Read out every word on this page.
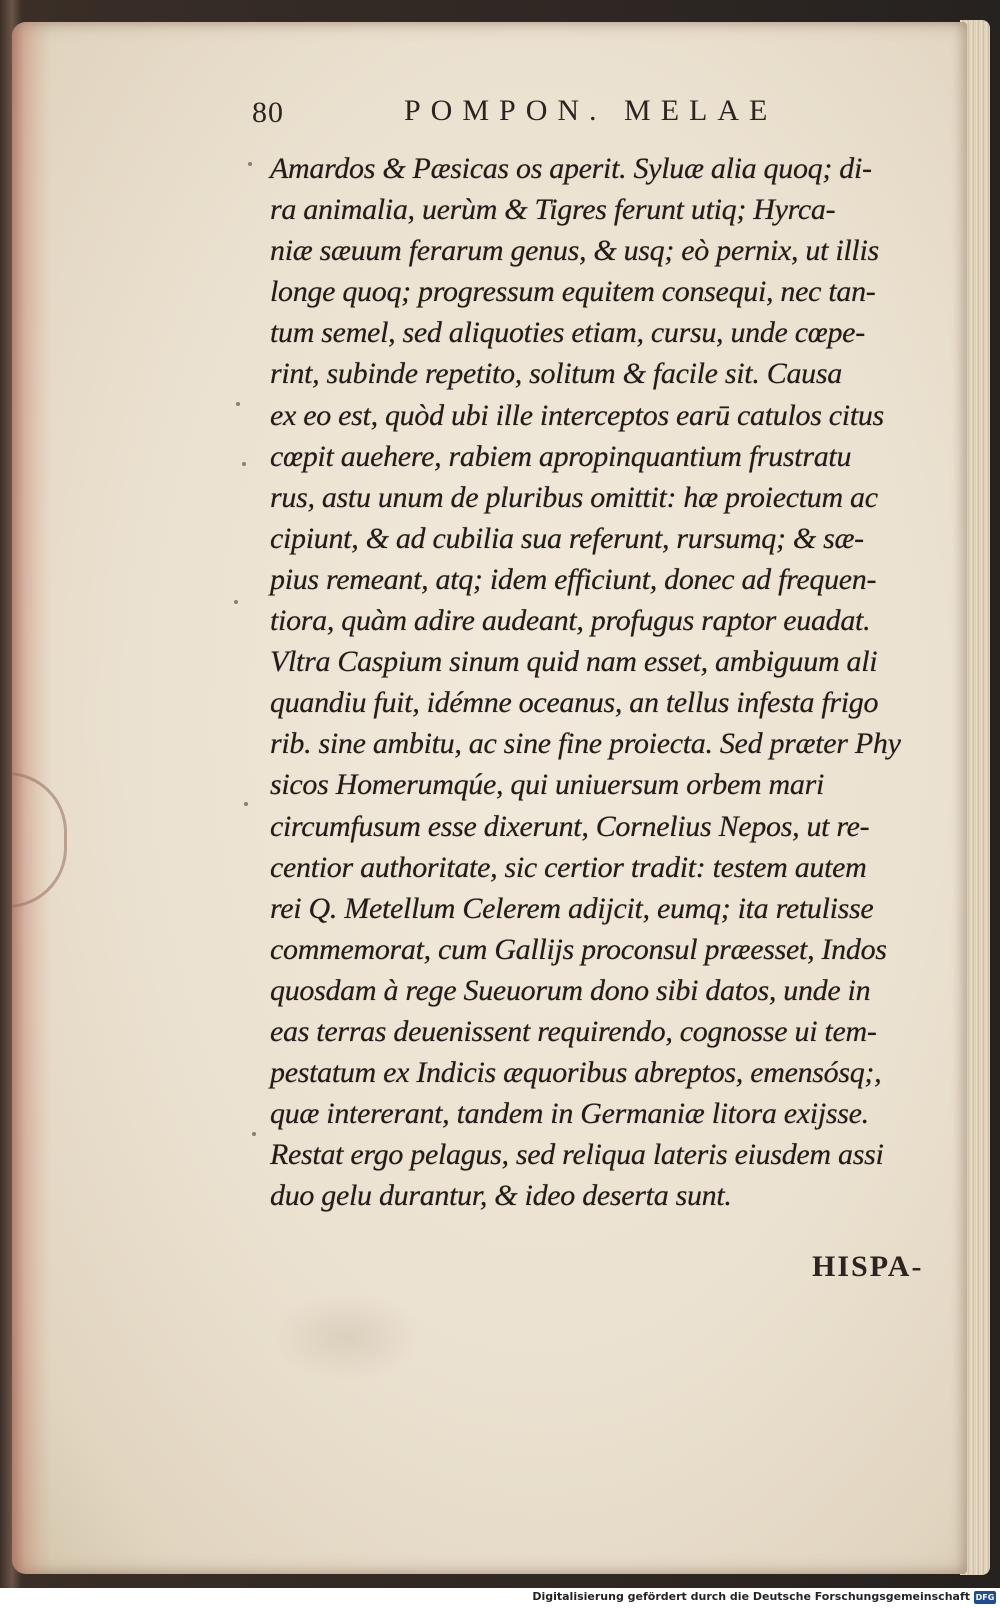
80	POMPON. MELAE
Amardos & Pæsicas os aperit. Syluæ alia quoq; di-
ra animalia, uerùm & Tigres ferunt utiq; Hyrca-
niæ sæuum ferarum genus, & usq; eò pernix, ut illis
longe quoq; progressum equitem consequi, nec tan-
tum semel, sed aliquoties etiam, cursu, unde cœpe-
rint, subinde repetito, solitum & facile sit. Causa
ex eo est, quòd ubi ille interceptos earū catulos citus
cœpit auehere, rabiem apropinquantium frustratu
rus, astu unum de pluribus omittit: hæ proiectum ac
cipiunt, & ad cubilia sua referunt, rursumq; & sæ-
pius remeant, atq; idem efficiunt, donec ad frequen-
tiora, quàm adire audeant, profugus raptor euadat.
Vltra Caspium sinum quid nam esset, ambiguum ali
quandiu fuit, idémne oceanus, an tellus infesta frigo
rib. sine ambitu, ac sine fine proiecta. Sed præter Phy
sicos Homerumqúe, qui uniuersum orbem mari
circumfusum esse dixerunt, Cornelius Nepos, ut re-
centior authoritate, sic certior tradit: testem autem
rei Q. Metellum Celerem adijcit, eumq; ita retulisse
commemorat, cum Gallijs proconsul præesset, Indos
quosdam à rege Sueuorum dono sibi datos, unde in
eas terras deuenissent requirendo, cognosse ui tem-
pestatum ex Indicis æquoribus abreptos, emensósq;,
quæ intererant, tandem in Germaniæ litora exijsse.
Restat ergo pelagus, sed reliqua lateris eiusdem assi
duo gelu durantur, & ideo deserta sunt.
HISPA-
Digitalisierung gefördert durch die Deutsche Forschungsgemeinschaft DFG
